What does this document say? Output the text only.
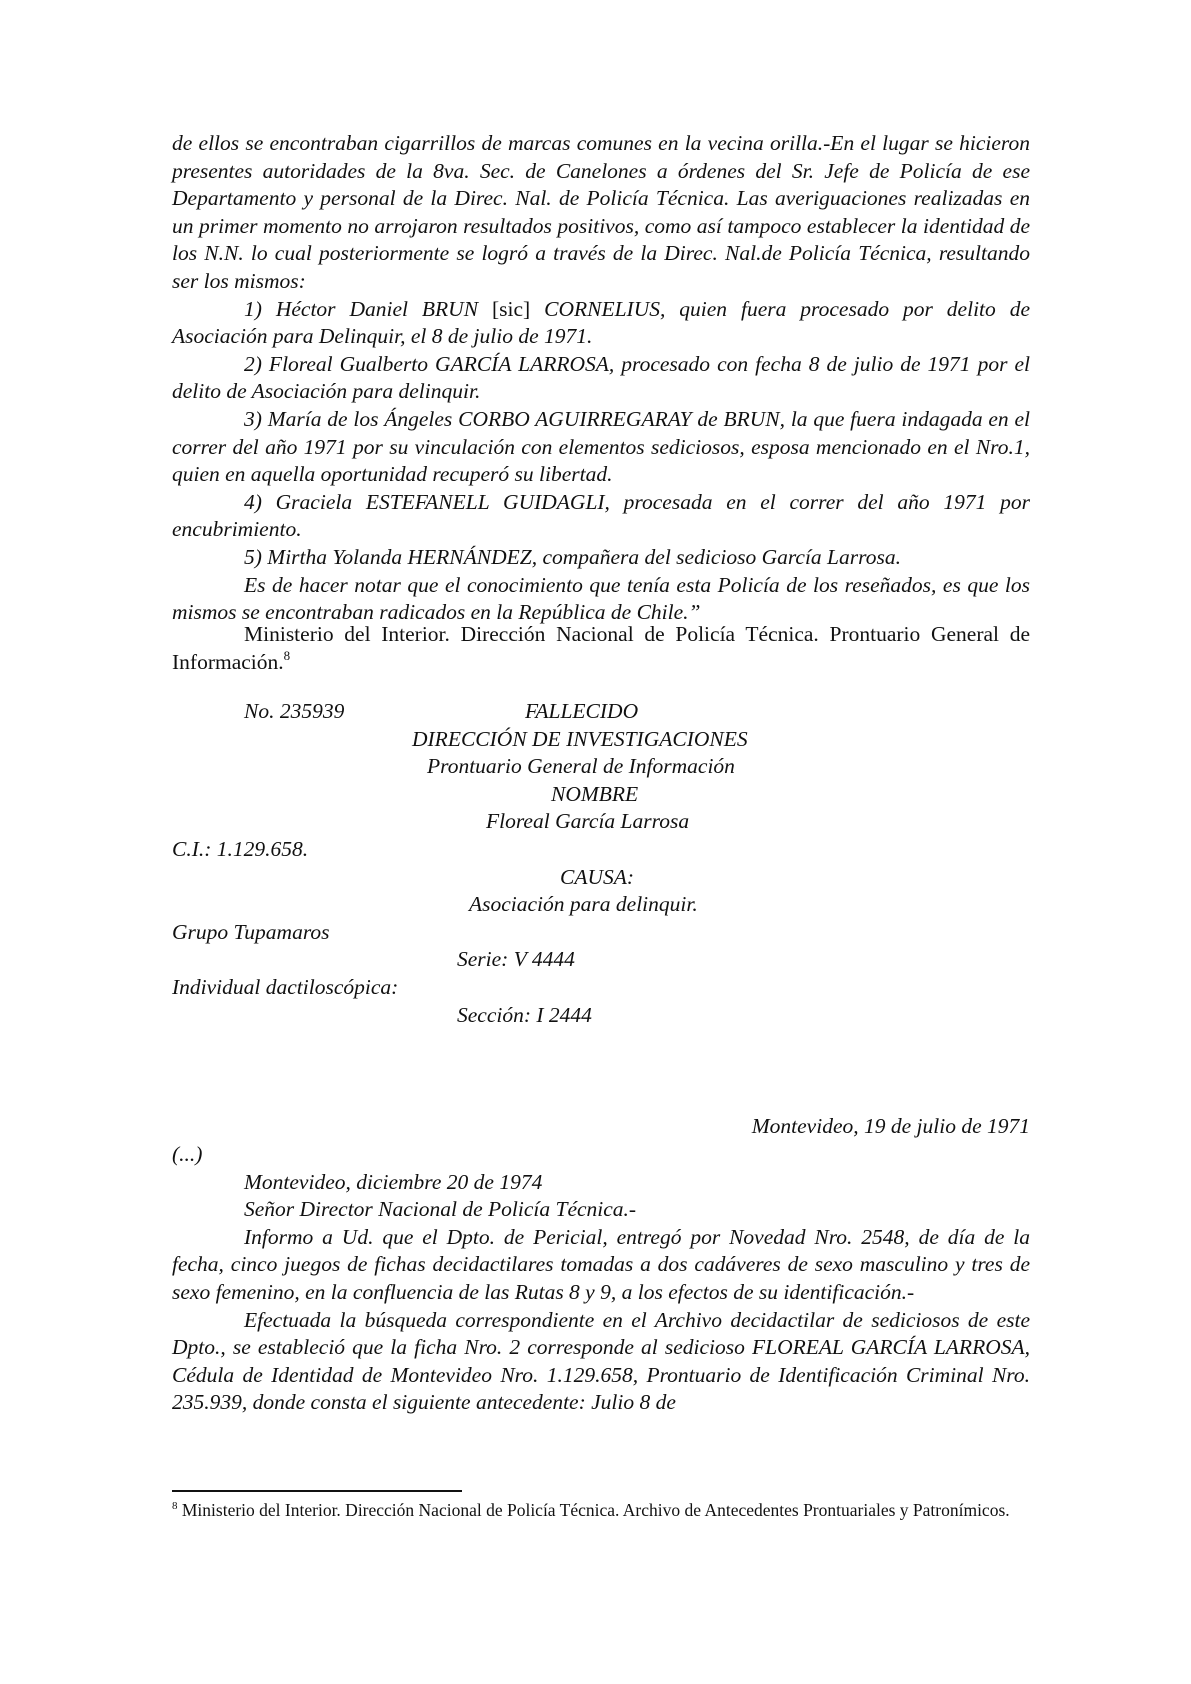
de ellos se encontraban cigarrillos de marcas comunes en la vecina orilla.-En el lugar se hicieron presentes autoridades de la 8va. Sec. de Canelones a órdenes del Sr. Jefe de Policía de ese Departamento y personal de la Direc. Nal. de Policía Técnica. Las averiguaciones realizadas en un primer momento no arrojaron resultados positivos, como así tampoco establecer la identidad de los N.N. lo cual posteriormente se logró a través de la Direc. Nal.de Policía Técnica, resultando ser los mismos:

1) Héctor Daniel BRUN [sic] CORNELIUS, quien fuera procesado por delito de Asociación para Delinquir, el 8 de julio de 1971.

2) Floreal Gualberto GARCÍA LARROSA, procesado con fecha 8 de julio de 1971 por el delito de Asociación para delinquir.

3) María de los Ángeles CORBO AGUIRREGARAY de BRUN, la que fuera indagada en el correr del año 1971 por su vinculación con elementos sediciosos, esposa mencionado en el Nro.1, quien en aquella oportunidad recuperó su libertad.

4) Graciela ESTEFANELL GUIDAGLI, procesada en el correr del año 1971 por encubrimiento.

5) Mirtha Yolanda HERNÁNDEZ, compañera del sedicioso García Larrosa.

Es de hacer notar que el conocimiento que tenía esta Policía de los reseñados, es que los mismos se encontraban radicados en la República de Chile.”

Ministerio del Interior. Dirección Nacional de Policía Técnica. Prontuario General de Información.$^8$

No. 235939	FALLECIDO
DIRECCIÓN DE INVESTIGACIONES
Prontuario General de Información
NOMBRE
Floreal García Larrosa
C.I.: 1.129.658.
CAUSA:
Asociación para delinquir.
Grupo Tupamaros
Serie: V 4444
Individual dactiloscópica:
Sección: I 2444
Montevideo, 19 de julio de 1971

(...)

Montevideo, diciembre 20 de 1974

Señor Director Nacional de Policía Técnica.-

Informo a Ud. que el Dpto. de Pericial, entregó por Novedad Nro. 2548, de día de la fecha, cinco juegos de fichas decidactilares tomadas a dos cadáveres de sexo masculino y tres de sexo femenino, en la confluencia de las Rutas 8 y 9, a los efectos de su identificación.-

Efectuada la búsqueda correspondiente en el Archivo decidactilar de sediciosos de este Dpto., se estableció que la ficha Nro. 2 corresponde al sedicioso FLOREAL GARCÍA LARROSA, Cédula de Identidad de Montevideo Nro. 1.129.658, Prontuario de Identificación Criminal Nro. 235.939, donde consta el siguiente antecedente: Julio 8 de

$^8$ Ministerio del Interior. Dirección Nacional de Policía Técnica. Archivo de Antecedentes Prontuariales y Patronímicos.
